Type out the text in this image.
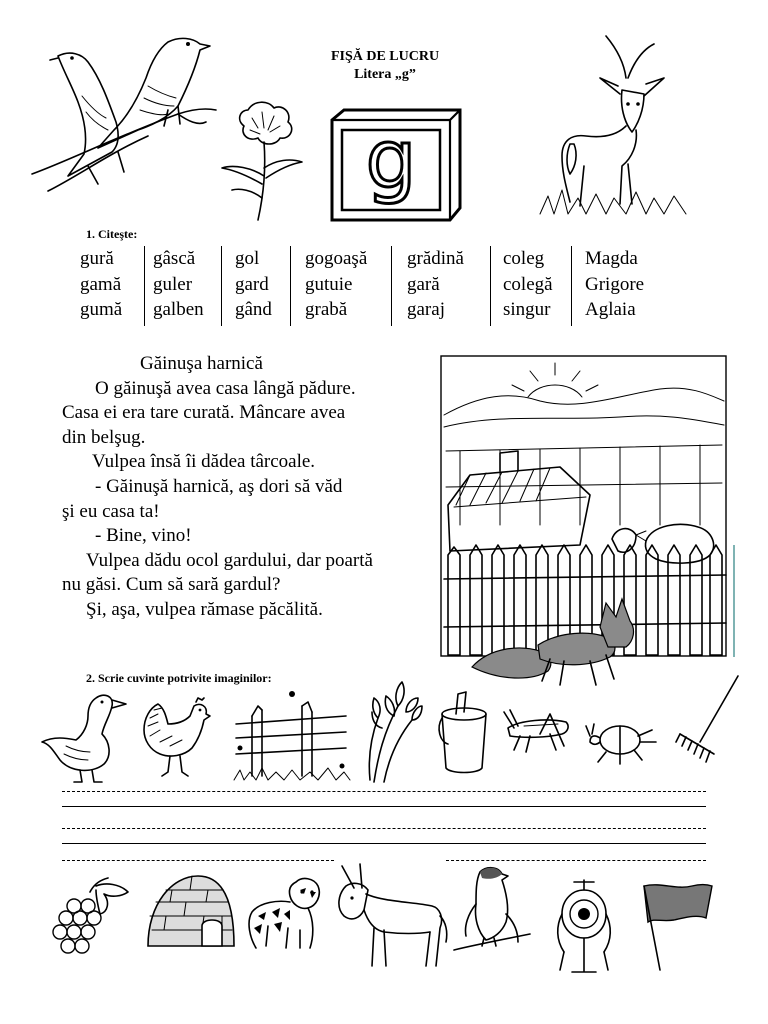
FIŞĂ DE LUCRU
Litera „g”
g
1. Citeşte:
gură
gamă
gumă
gâscă
guler
galben
gol
gard
gând
gogoaşă
gutuie
grabă
grădină
gară
garaj
coleg
colegă
singur
Magda
Grigore
Aglaia
Găinuşa harnică
O găinuşă avea casa lângă pădure.
Casa ei era tare curată. Mâncare avea
din belşug.
Vulpea însă îi dădea târcoale.
- Găinuşă harnică, aş dori să văd
şi eu casa ta!
- Bine, vino!
Vulpea dădu ocol gardului, dar poartă
nu găsi. Cum să sară gardul?
Şi, aşa, vulpea rămase păcălită.
2. Scrie cuvinte potrivite imaginilor:
